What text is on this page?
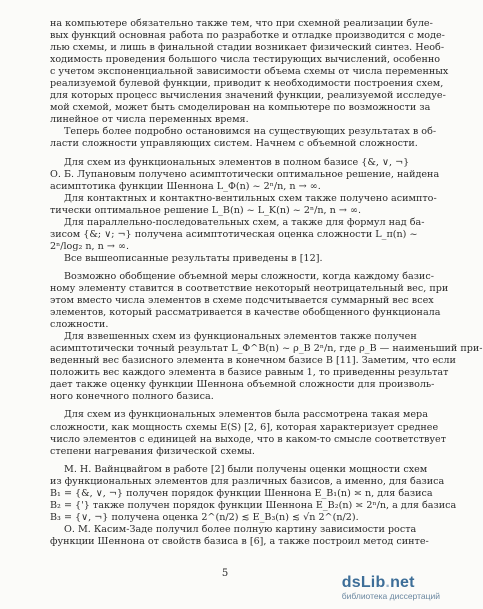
на компьютере обязательно также тем, что при схемной реализации буле-
вых функций основная работа по разработке и отладке производится с моде-
лью схемы, и лишь в финальной стадии возникает физический синтез. Необ-
ходимость проведения большого числа тестирующих вычислений, особенно
с учетом экспоненциальной зависимости объема схемы от числа переменных
реализуемой булевой функции, приводит к необходимости построения схем,
для которых процесс вычисления значений функции, реализуемой исследуе-
мой схемой, может быть смоделирован на компьютере по возможности за
линейное от числа переменных время.
Теперь более подробно остановимся на существующих результатах в об-
ласти сложности управляющих систем. Начнем с объемной сложности.
Для схем из функциональных элементов в полном базисе {&, ∨, ¬}
О. Б. Лупановым получено асимптотически оптимальное решение, найдена
асимптотика функции Шеннона L_Φ(n) ~ 2ⁿ/n, n → ∞.
Для контактных и контактно-вентильных схем также получено асимпто-
тически оптимальное решение L_B(n) ~ L_K(n) ~ 2ⁿ/n, n → ∞.
Для параллельно-последовательных схем, а также для формул над ба-
зисом {&; ∨; ¬} получена асимптотическая оценка сложности L_π(n) ~
2ⁿ/log₂ n, n → ∞.
Все вышеописанные результаты приведены в [12].
Возможно обобщение объемной меры сложности, когда каждому базис-
ному элементу ставится в соответствие некоторый неотрицательный вес, при
этом вместо числа элементов в схеме подсчитывается суммарный вес всех
элементов, который рассматривается в качестве обобщенного функционала
сложности.
Для взвешенных схем из функциональных элементов также получен
асимптотически точный результат L_Φ^B(n) ~ ρ_B 2ⁿ/n, где ρ_B — наименьший при-
веденный вес базисного элемента в конечном базисе B [11]. Заметим, что если
положить вес каждого элемента в базисе равным 1, то приведенны результат
дает также оценку функции Шеннона объемной сложности для произволь-
ного конечного полного базиса.
Для схем из функциональных элементов была рассмотрена такая мера
сложности, как мощность схемы E(S) [2, 6], которая характеризует среднее
число элементов с единицей на выходе, что в каком-то смысле соответствует
степени нагревания физической схемы.
М. Н. Вайнцвайгом в работе [2] были получены оценки мощности схем
из функциональных элементов для различных базисов, а именно, для базиса
B₁ = {&, ∨, ¬} получен порядок функции Шеннона E_B₁(n) ≍ n, для базиса
B₂ = {'} также получен порядок функции Шеннона E_B₂(n) ≍ 2ⁿ/n, а для базиса
B₃ = {∨, ¬} получена оценка 2^(n/2) ≲ E_B₃(n) ≲ √n 2^(n/2).
О. М. Касим-Заде получил более полную картину зависимости роста
функции Шеннона от свойств базиса в [6], а также построил метод синте-
5
dsLib.net
библиотека диссертаций
